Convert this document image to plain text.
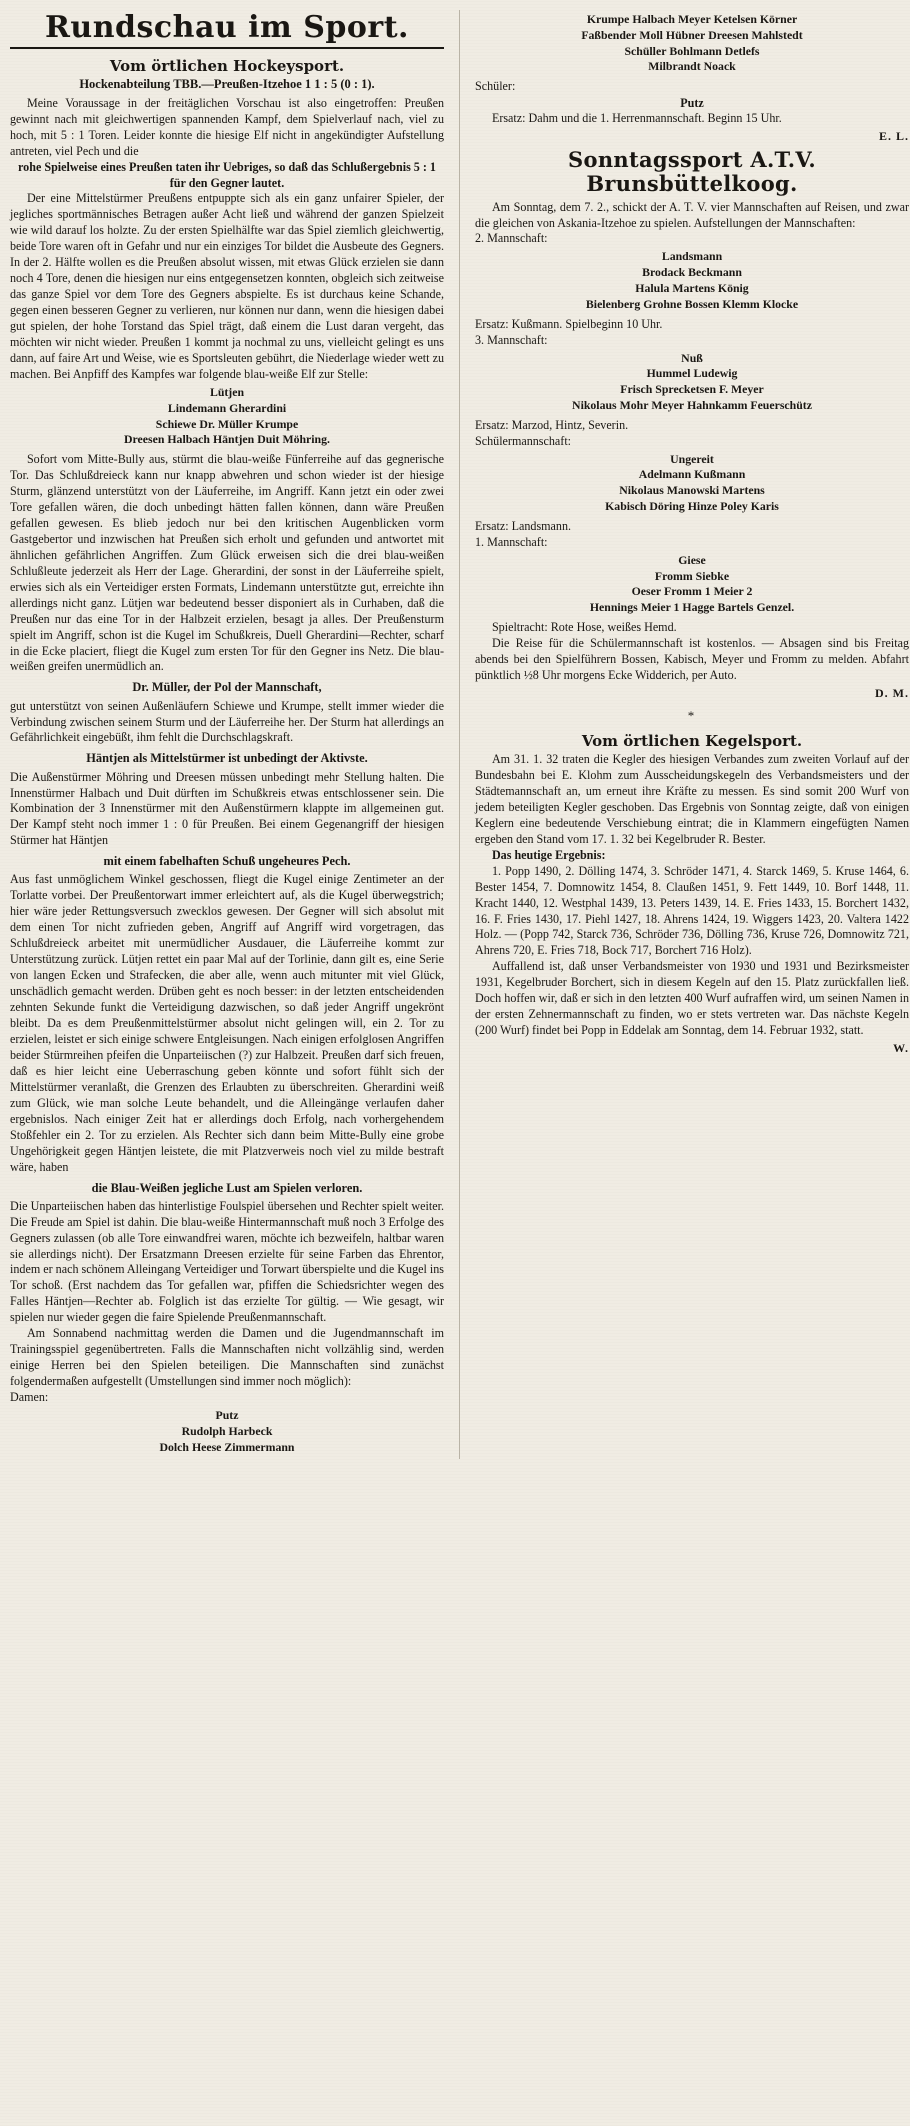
Rundschau im Sport.
Vom örtlichen Hockeysport.
Hockenabteilung TBB.—Preußen-Itzehoe 1 1 : 5 (0 : 1).

Meine Voraussage in der freitäglichen Vorschau ist also eingetroffen: Preußen gewinnt nach mit gleichwertigen spannenden Kampf, dem Spielverlauf nach, viel zu hoch, mit 5 : 1 Toren. Leider konnte die hiesige Elf nicht in angekündigter Aufstellung antreten, viel Pech und die

rohe Spielweise eines Preußen taten ihr Uebriges, so daß das Schlußergebnis 5 : 1 für den Gegner lautet.

Der eine Mittelstürmer Preußens entpuppte sich als ein ganz unfairer Spieler, der jegliches sportmännisches Betragen außer Acht ließ und während der ganzen Spielzeit wie wild darauf los holzte. Zu der ersten Spielhälfte war das Spiel ziemlich gleichwertig, beide Tore waren oft in Gefahr und nur ein einziges Tor bildet die Ausbeute des Gegners. In der 2. Hälfte wollen es die Preußen absolut wissen, mit etwas Glück erzielen sie dann noch 4 Tore, denen die hiesigen nur eins entgegensetzen konnten, obgleich sich zeitweise das ganze Spiel vor dem Tore des Gegners abspielte. Es ist durchaus keine Schande, gegen einen besseren Gegner zu verlieren, nur können nur dann, wenn die hiesigen dabei gut spielen, der hohe Torstand das Spiel trägt, daß einem die Lust daran vergeht, das möchten wir nicht wieder. Preußen 1 kommt ja nochmal zu uns, vielleicht gelingt es uns dann, auf faire Art und Weise, wie es Sportsleuten gebührt, die Niederlage wieder wett zu machen. Bei Anpfiff des Kampfes war folgende blau-weiße Elf zur Stelle:

Lütjen
Lindemann Gherardini
Schiewe Dr. Müller Krumpe
Dreesen Halbach Häntjen Duit Möhring.

Sofort vom Mitte-Bully aus, stürmt die blau-weiße Fünferreihe auf das gegnerische Tor. Das Schlußdreieck kann nur knapp abwehren und schon wieder ist der hiesige Sturm, glänzend unterstützt von der Läuferreihe, im Angriff. Kann jetzt ein oder zwei Tore gefallen wären, die doch unbedingt hätten fallen können, dann wäre Preußen gefallen gewesen. Es blieb jedoch nur bei den kritischen Augenblicken vorm Gastgebertor und inzwischen hat Preußen sich erholt und gefunden und antwortet mit ähnlichen gefährlichen Angriffen. Zum Glück erweisen sich die drei blau-weißen Schlußleute jederzeit als Herr der Lage. Gherardini, der sonst in der Läuferreihe spielt, erwies sich als ein Verteidiger ersten Formats, Lindemann unterstützte gut, erreichte ihn allerdings nicht ganz. Lütjen war bedeutend besser disponiert als in Curhaben, daß die Preußen nur das eine Tor in der Halbzeit erzielen, besagt ja alles. Der Preußensturm spielt im Angriff, schon ist die Kugel im Schußkreis, Duell Gherardini—Rechter, scharf in die Ecke placiert, fliegt die Kugel zum ersten Tor für den Gegner ins Netz. Die blau-weißen greifen unermüdlich an.

Dr. Müller, der Pol der Mannschaft,

gut unterstützt von seinen Außenläufern Schiewe und Krumpe, stellt immer wieder die Verbindung zwischen seinem Sturm und der Läuferreihe her. Der Sturm hat allerdings an Gefährlichkeit eingebüßt, ihm fehlt die Durchschlagskraft.

Häntjen als Mittelstürmer ist unbedingt der Aktivste.

Die Außenstürmer Möhring und Dreesen müssen unbedingt mehr Stellung halten. Die Innenstürmer Halbach und Duit dürften im Schußkreis etwas entschlossener sein. Die Kombination der 3 Innenstürmer mit den Außenstürmern klappte im allgemeinen gut. Der Kampf steht noch immer 1 : 0 für Preußen. Bei einem Gegenangriff der hiesigen Stürmer hat Häntjen

mit einem fabelhaften Schuß ungeheures Pech.

Aus fast unmöglichem Winkel geschossen, fliegt die Kugel einige Zentimeter an der Torlatte vorbei. Der Preußentorwart immer erleichtert auf, als die Kugel überwegstrich; hier wäre jeder Rettungsversuch zwecklos gewesen. Der Gegner will sich absolut mit dem einen Tor nicht zufrieden geben, Angriff auf Angriff wird vorgetragen, das Schlußdreieck arbeitet mit unermüdlicher Ausdauer, die Läuferreihe kommt zur Unterstützung zurück. Lütjen rettet ein paar Mal auf der Torlinie, dann gilt es, eine Serie von langen Ecken und Strafecken, die aber alle, wenn auch mitunter mit viel Glück, unschädlich gemacht werden. Drüben geht es noch besser: in der letzten entscheidenden zehnten Sekunde funkt die Verteidigung dazwischen, so daß jeder Angriff ungekrönt bleibt. Da es dem Preußenmittelstürmer absolut nicht gelingen will, ein 2. Tor zu erzielen, leistet er sich einige schwere Entgleisungen. Nach einigen erfolglosen Angriffen beider Stürmreihen pfeifen die Unparteiischen (?) zur Halbzeit. Preußen darf sich freuen, daß es hier leicht eine Ueberraschung geben könnte und sofort fühlt sich der Mittelstürmer veranlaßt, die Grenzen des Erlaubten zu überschreiten. Gherardini weiß zum Glück, wie man solche Leute behandelt, und die Alleingänge verlaufen daher ergebnislos. Nach einiger Zeit hat er allerdings doch Erfolg, nach vorhergehendem Stoßfehler ein 2. Tor zu erzielen. Als Rechter sich dann beim Mitte-Bully eine grobe Ungehörigkeit gegen Häntjen leistete, die mit Platzverweis noch viel zu milde bestraft wäre, haben

die Blau-Weißen jegliche Lust am Spielen verloren.

Die Unparteiischen haben das hinterlistige Foulspiel übersehen und Rechter spielt weiter. Die Freude am Spiel ist dahin. Die blau-weiße Hintermannschaft muß noch 3 Erfolge des Gegners zulassen (ob alle Tore einwandfrei waren, möchte ich bezweifeln, haltbar waren sie allerdings nicht). Der Ersatzmann Dreesen erzielte für seine Farben das Ehrentor, indem er nach schönem Alleingang Verteidiger und Torwart überspielte und die Kugel ins Tor schoß. (Erst nachdem das Tor gefallen war, pfiffen die Schiedsrichter wegen des Falles Häntjen—Rechter ab. Folglich ist das erzielte Tor gültig. — Wie gesagt, wir spielen nur wieder gegen die faire Spielende Preußenmannschaft.

Am Sonnabend nachmittag werden die Damen und die Jugendmannschaft im Trainingsspiel gegenübertreten. Falls die Mannschaften nicht vollzählig sind, werden einige Herren bei den Spielen beteiligen. Die Mannschaften sind zunächst folgendermaßen aufgestellt (Umstellungen sind immer noch möglich):

Damen:

Putz
Rudolph Harbeck
Dolch Heese Zimmermann
Krumpe Halbach Meyer Ketelsen Körner
Faßbender Moll Hübner Dreesen Mahlstedt
Schüller Bohlmann Detlefs
Milbrandt Noack

Schüler:

Putz

Ersatz: Dahm und die 1. Herrenmannschaft. Beginn 15 Uhr.

E. L.
Sonntagssport A.T.V. Brunsbüttelkoog.

Am Sonntag, dem 7. 2., schickt der A. T. V. vier Mannschaften auf Reisen, und zwar die gleichen von Askania-Itzehoe zu spielen. Aufstellungen der Mannschaften:

2. Mannschaft:

Landsmann
Brodack Beckmann
Halula Martens König
Bielenberg Grohne Bossen Klemm Klocke

Ersatz: Kußmann. Spielbeginn 10 Uhr.

3. Mannschaft:

Nuß
Hummel Ludewig
Frisch Sprecketsen F. Meyer
Nikolaus Mohr Meyer Hahnkamm Feuerschütz

Ersatz: Marzod, Hintz, Severin.

Schülermannschaft:

Ungereit
Adelmann Kußmann
Nikolaus Manowski Martens
Kabisch Döring Hinze Poley Karis

Ersatz: Landsmann.

1. Mannschaft:

Giese
Fromm Siebke
Oeser Fromm 1 Meier 2
Hennings Meier 1 Hagge Bartels Genzel.

Spieltracht: Rote Hose, weißes Hemd.

Die Reise für die Schülermannschaft ist kostenlos. — Absagen sind bis Freitag abends bei den Spielführern Bossen, Kabisch, Meyer und Fromm zu melden. Abfahrt pünktlich ½8 Uhr morgens Ecke Widderich, per Auto.

D. M.
*
Vom örtlichen Kegelsport.

Am 31. 1. 32 traten die Kegler des hiesigen Verbandes zum zweiten Vorlauf auf der Bundesbahn bei E. Klohm zum Ausscheidungskegeln des Verbandsmeisters und der Städtemannschaft an, um erneut ihre Kräfte zu messen. Es sind somit 200 Wurf von jedem beteiligten Kegler geschoben. Das Ergebnis von Sonntag zeigte, daß von einigen Keglern eine bedeutende Verschiebung eintrat; die in Klammern eingefügten Namen ergeben den Stand vom 17. 1. 32 bei Kegelbruder R. Bester.

Das heutige Ergebnis:

1. Popp 1490, 2. Dölling 1474, 3. Schröder 1471, 4. Starck 1469, 5. Kruse 1464, 6. Bester 1454, 7. Domnowitz 1454, 8. Claußen 1451, 9. Fett 1449, 10. Borf 1448, 11. Kracht 1440, 12. Westphal 1439, 13. Peters 1439, 14. E. Fries 1433, 15. Borchert 1432, 16. F. Fries 1430, 17. Piehl 1427, 18. Ahrens 1424, 19. Wiggers 1423, 20. Valtera 1422 Holz. — (Popp 742, Starck 736, Schröder 736, Dölling 736, Kruse 726, Domnowitz 721, Ahrens 720, E. Fries 718, Bock 717, Borchert 716 Holz).

Auffallend ist, daß unser Verbandsmeister von 1930 und 1931 und Bezirksmeister 1931, Kegelbruder Borchert, sich in diesem Kegeln auf den 15. Platz zurückfallen ließ. Doch hoffen wir, daß er sich in den letzten 400 Wurf aufraffen wird, um seinen Namen in der ersten Zehnermannschaft zu finden, wo er stets vertreten war. Das nächste Kegeln (200 Wurf) findet bei Popp in Eddelak am Sonntag, dem 14. Februar 1932, statt.

W.
